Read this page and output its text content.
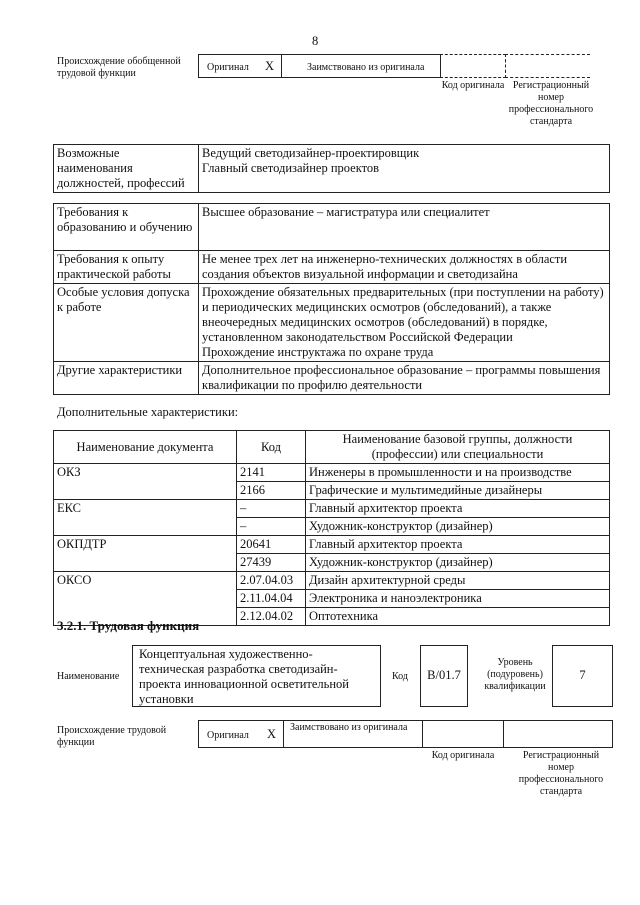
8
Происхождение обобщенной трудовой функции
Оригинал X	Заимствовано из оригинала
Код оригинала Регистрационный номер профессионального стандарта
Возможные наименования должностей, профессий	
Ведущий светодизайнер-проектировщик
Главный светодизайнер проектов
Требования к образованию и обучению	Высшее образование – магистратура или специалитет
Требования к опыту практической работы	Не менее трех лет на инженерно-технических должностях в области создания объектов визуальной информации и светодизайна
Особые условия допуска к работе	Прохождение обязательных предварительных (при поступлении на работу) и периодических медицинских осмотров (обследований), а также внеочередных медицинских осмотров (обследований) в порядке, установленном законодательством Российской Федерации
Прохождение инструктажа по охране труда

Другие характеристики	Дополнительное профессиональное образование – программы повышения квалификации по профилю деятельности
Дополнительные характеристики:
Наименование документа	Код	Наименование базовой группы, должности (профессии) или специальности
ОКЗ	2141	Инженеры в промышленности и на производстве
	2166	Графические и мультимедийные дизайнеры
ЕКС	–	Главный архитектор проекта
	–	Художник-конструктор (дизайнер)
ОКПДТР	20641	Главный архитектор проекта
	27439	Художник-конструктор (дизайнер)
ОКСО	2.07.04.03	Дизайн архитектурной среды
	2.11.04.04	Электроника и наноэлектроника
	2.12.04.02	Оптотехника
3.2.1. Трудовая функция
Наименование
Концептуальная художественно-техническая разработка светодизайн-проекта инновационной осветительной установки
Код	В/01.7
Уровень (подуровень) квалификации
7
Происхождение трудовой функции
Оригинал X	Заимствовано из оригинала
Код оригинала	Регистрационный номер профессионального стандарта
